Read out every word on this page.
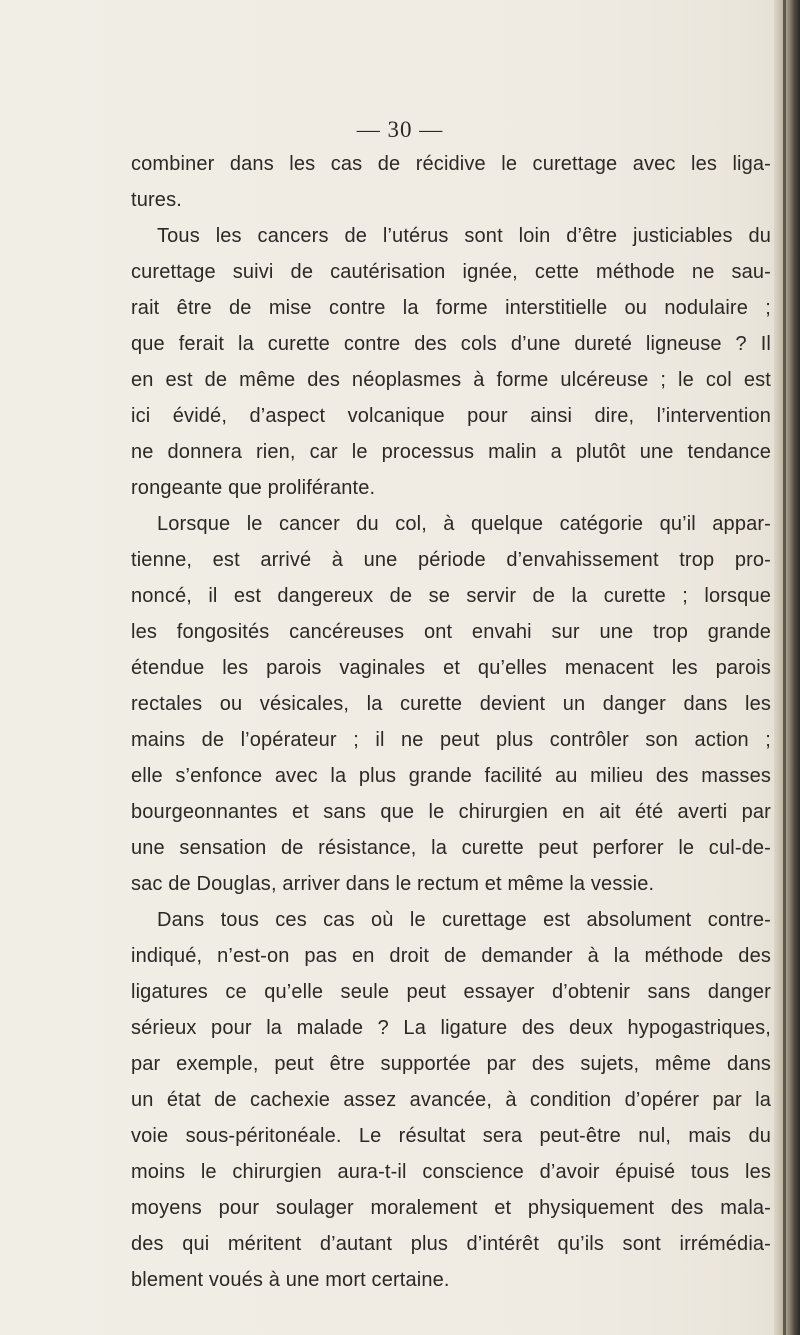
— 30 —
combiner dans les cas de récidive le curettage avec les liga-
tures.
Tous les cancers de l’utérus sont loin d’être justiciables du
curettage suivi de cautérisation ignée, cette méthode ne sau-
rait être de mise contre la forme interstitielle ou nodulaire ;
que ferait la curette contre des cols d’une dureté ligneuse ? Il
en est de même des néoplasmes à forme ulcéreuse ; le col est
ici évidé, d’aspect volcanique pour ainsi dire, l’intervention
ne donnera rien, car le processus malin a plutôt une tendance
rongeante que proliférante.
Lorsque le cancer du col, à quelque catégorie qu’il appar-
tienne, est arrivé à une période d’envahissement trop pro-
noncé, il est dangereux de se servir de la curette ; lorsque
les fongosités cancéreuses ont envahi sur une trop grande
étendue les parois vaginales et qu’elles menacent les parois
rectales ou vésicales, la curette devient un danger dans les
mains de l’opérateur ; il ne peut plus contrôler son action ;
elle s’enfonce avec la plus grande facilité au milieu des masses
bourgeonnantes et sans que le chirurgien en ait été averti par
une sensation de résistance, la curette peut perforer le cul-de-
sac de Douglas, arriver dans le rectum et même la vessie.
Dans tous ces cas où le curettage est absolument contre-
indiqué, n’est-on pas en droit de demander à la méthode des
ligatures ce qu’elle seule peut essayer d’obtenir sans danger
sérieux pour la malade ? La ligature des deux hypogastriques,
par exemple, peut être supportée par des sujets, même dans
un état de cachexie assez avancée, à condition d’opérer par la
voie sous-péritonéale. Le résultat sera peut-être nul, mais du
moins le chirurgien aura-t-il conscience d’avoir épuisé tous les
moyens pour soulager moralement et physiquement des mala-
des qui méritent d’autant plus d’intérêt qu’ils sont irrémédia-
blement voués à une mort certaine.
